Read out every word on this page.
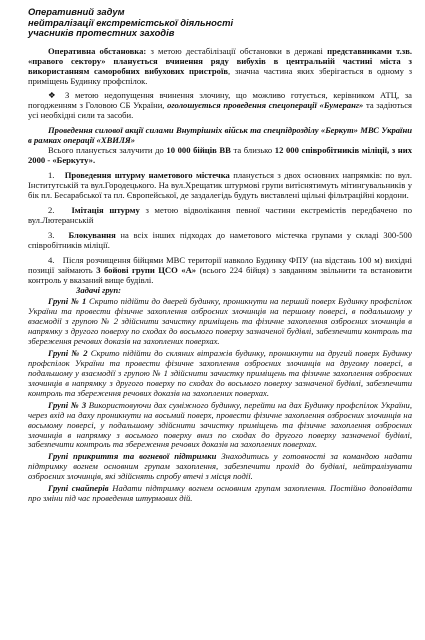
Оперативний задум
нейтралізації екстремістської діяльності
учасників протестних заходів

Оперативна обстановка: з метою дестабілізації обстановки в державі представниками т.зв. «правого сектору» планується вчинення ряду вибухів в центральній частині міста з використанням саморобних вибухових пристроїв, значна частина яких зберігається в одному з приміщень Будинку профспілок.

❖ З метою недопущення вчинення злочину, що можливо готується, керівником АТЦ, за погодженням з Головою СБ України, оголошується проведення спецоперації «Бумеранг» та задіються усі необхідні сили та засоби.

Проведення силової акції силами Внутрішніх військ та спецпідрозділу «Беркут» МВС України в рамках операції «ХВИЛЯ»

Всього планується залучити до 10 000 бійців ВВ та близько 12 000 співробітників міліції, з них 2000 - «Беркуту».

1. Проведення штурму наметового містечка планується з двох основних напрямків: по вул. Інститутській та вул.Городецького. На вул.Хрещатик штурмові групи витіснятимуть мітингувальників у бік пл. Бесарабської та пл. Європейської, де заздалегідь будуть виставлені щільні фільтраційні кордони.

2. Імітація штурму з метою відволікання певної частини екстремістів передбачено по вул.Лютеранській

3. Блокування на всіх інших підходах до наметового містечка групами у складі 300-500 співробітників міліції.

4. Після розчищення бійцями МВС території навколо Будинку ФПУ (на відстань 100 м) вихідні позиції займають 3 бойові групи ЦСО «А» (всього 224 бійця) з завданням звільнити та встановити контроль у вказаний вище будівлі.

Задачі груп:

Групі № 1 Скрито підійти до дверей будинку, проникнути на перший поверх Будинку профспілок України та провести фізичне захоплення озброєних злочинців на першому поверсі, в подальшому у взаємодії з групою № 2 здійснити зачистку приміщень та фізичне захоплення озброєних злочинців в напрямку з другого поверху по сходах до восьмого поверху зазначеної будівлі, забезпечити контроль та збереження речових доказів на захоплених поверхах.

Групі № 2 Скрито підійти до скляних вітражів будинку, проникнути на другий поверх Будинку профспілок України та провести фізичне захоплення озброєних злочинців на другому поверсі, в подальшому у взаємодії з групою № 1 здійснити зачистку приміщень та фізичне захоплення озброєних злочинців в напрямку з другого поверху по сходах до восьмого поверху зазначеної будівлі, забезпечити контроль та збереження речових доказів на захоплених поверхах.

Групі № 3 Використовуючи дах суміжного будинку, перейти на дах Будинку профспілок України, через вхід на даху проникнути на восьмий поверх, провести фізичне захоплення озброєних злочинців на восьмому поверсі, у подальшому здійснити зачистку приміщень та фізичне захоплення озброєних злочинців в напрямку з восьмого поверху вниз по сходах до другого поверху зазначеної будівлі, забезпечити контроль та збереження речових доказів на захоплених поверхах.

Групі прикриття та вогневої підтримки Знаходитись у готовності за командою надати підтримку вогнем основним групам захоплення, забезпечити прохід до будівлі, нейтралізувати озброєних злочинців, які здійснять спробу втечі з місця події.

Групі снайперів Надати підтримку вогнем основним групам захоплення. Постійно доповідати про зміни під час проведення штурмових дій.
